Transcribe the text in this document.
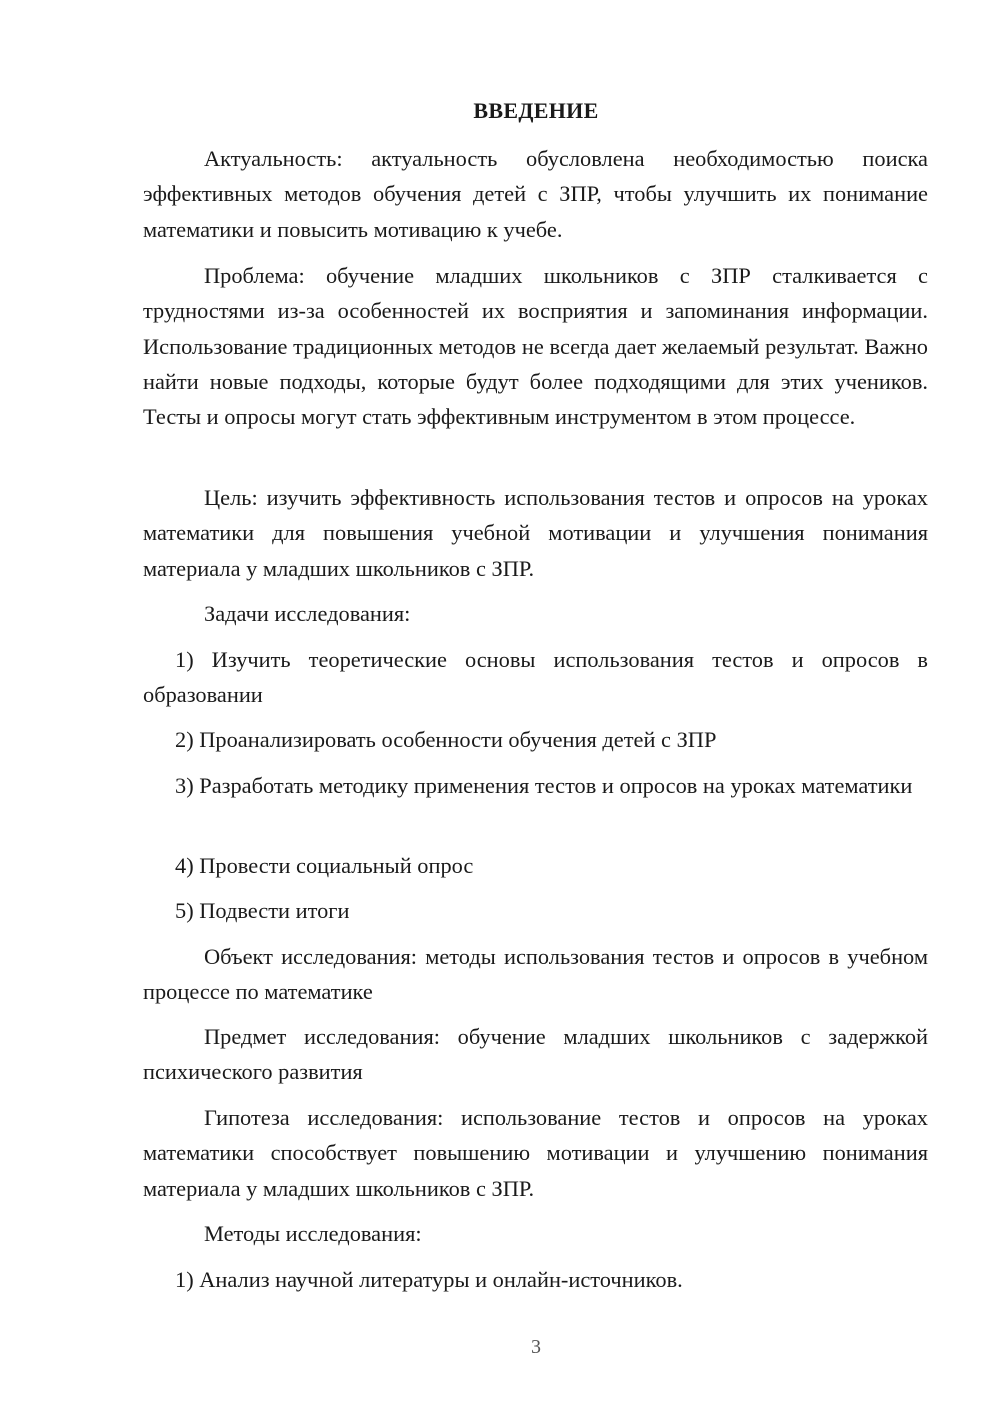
ВВЕДЕНИЕ

Актуальность: актуальность обусловлена необходимостью поиска эффективных методов обучения детей с ЗПР, чтобы улучшить их понимание математики и повысить мотивацию к учебе.

Проблема: обучение младших школьников с ЗПР сталкивается с трудностями из-за особенностей их восприятия и запоминания информации. Использование традиционных методов не всегда дает желаемый результат. Важно найти новые подходы, которые будут более подходящими для этих учеников. Тесты и опросы могут стать эффективным инструментом в этом процессе.

Цель: изучить эффективность использования тестов и опросов на уроках математики для повышения учебной мотивации и улучшения понимания материала у младших школьников с ЗПР.

Задачи исследования:

1) Изучить теоретические основы использования тестов и опросов в образовании

2) Проанализировать особенности обучения детей с ЗПР

3) Разработать методику применения тестов и опросов на уроках математики

4) Провести социальный опрос

5) Подвести итоги

Объект исследования: методы использования тестов и опросов в учебном процессе по математике

Предмет исследования: обучение младших школьников с задержкой психического развития

Гипотеза исследования: использование тестов и опросов на уроках математики способствует повышению мотивации и улучшению понимания материала у младших школьников с ЗПР.

Методы исследования:

1) Анализ научной литературы и онлайн-источников.

3
